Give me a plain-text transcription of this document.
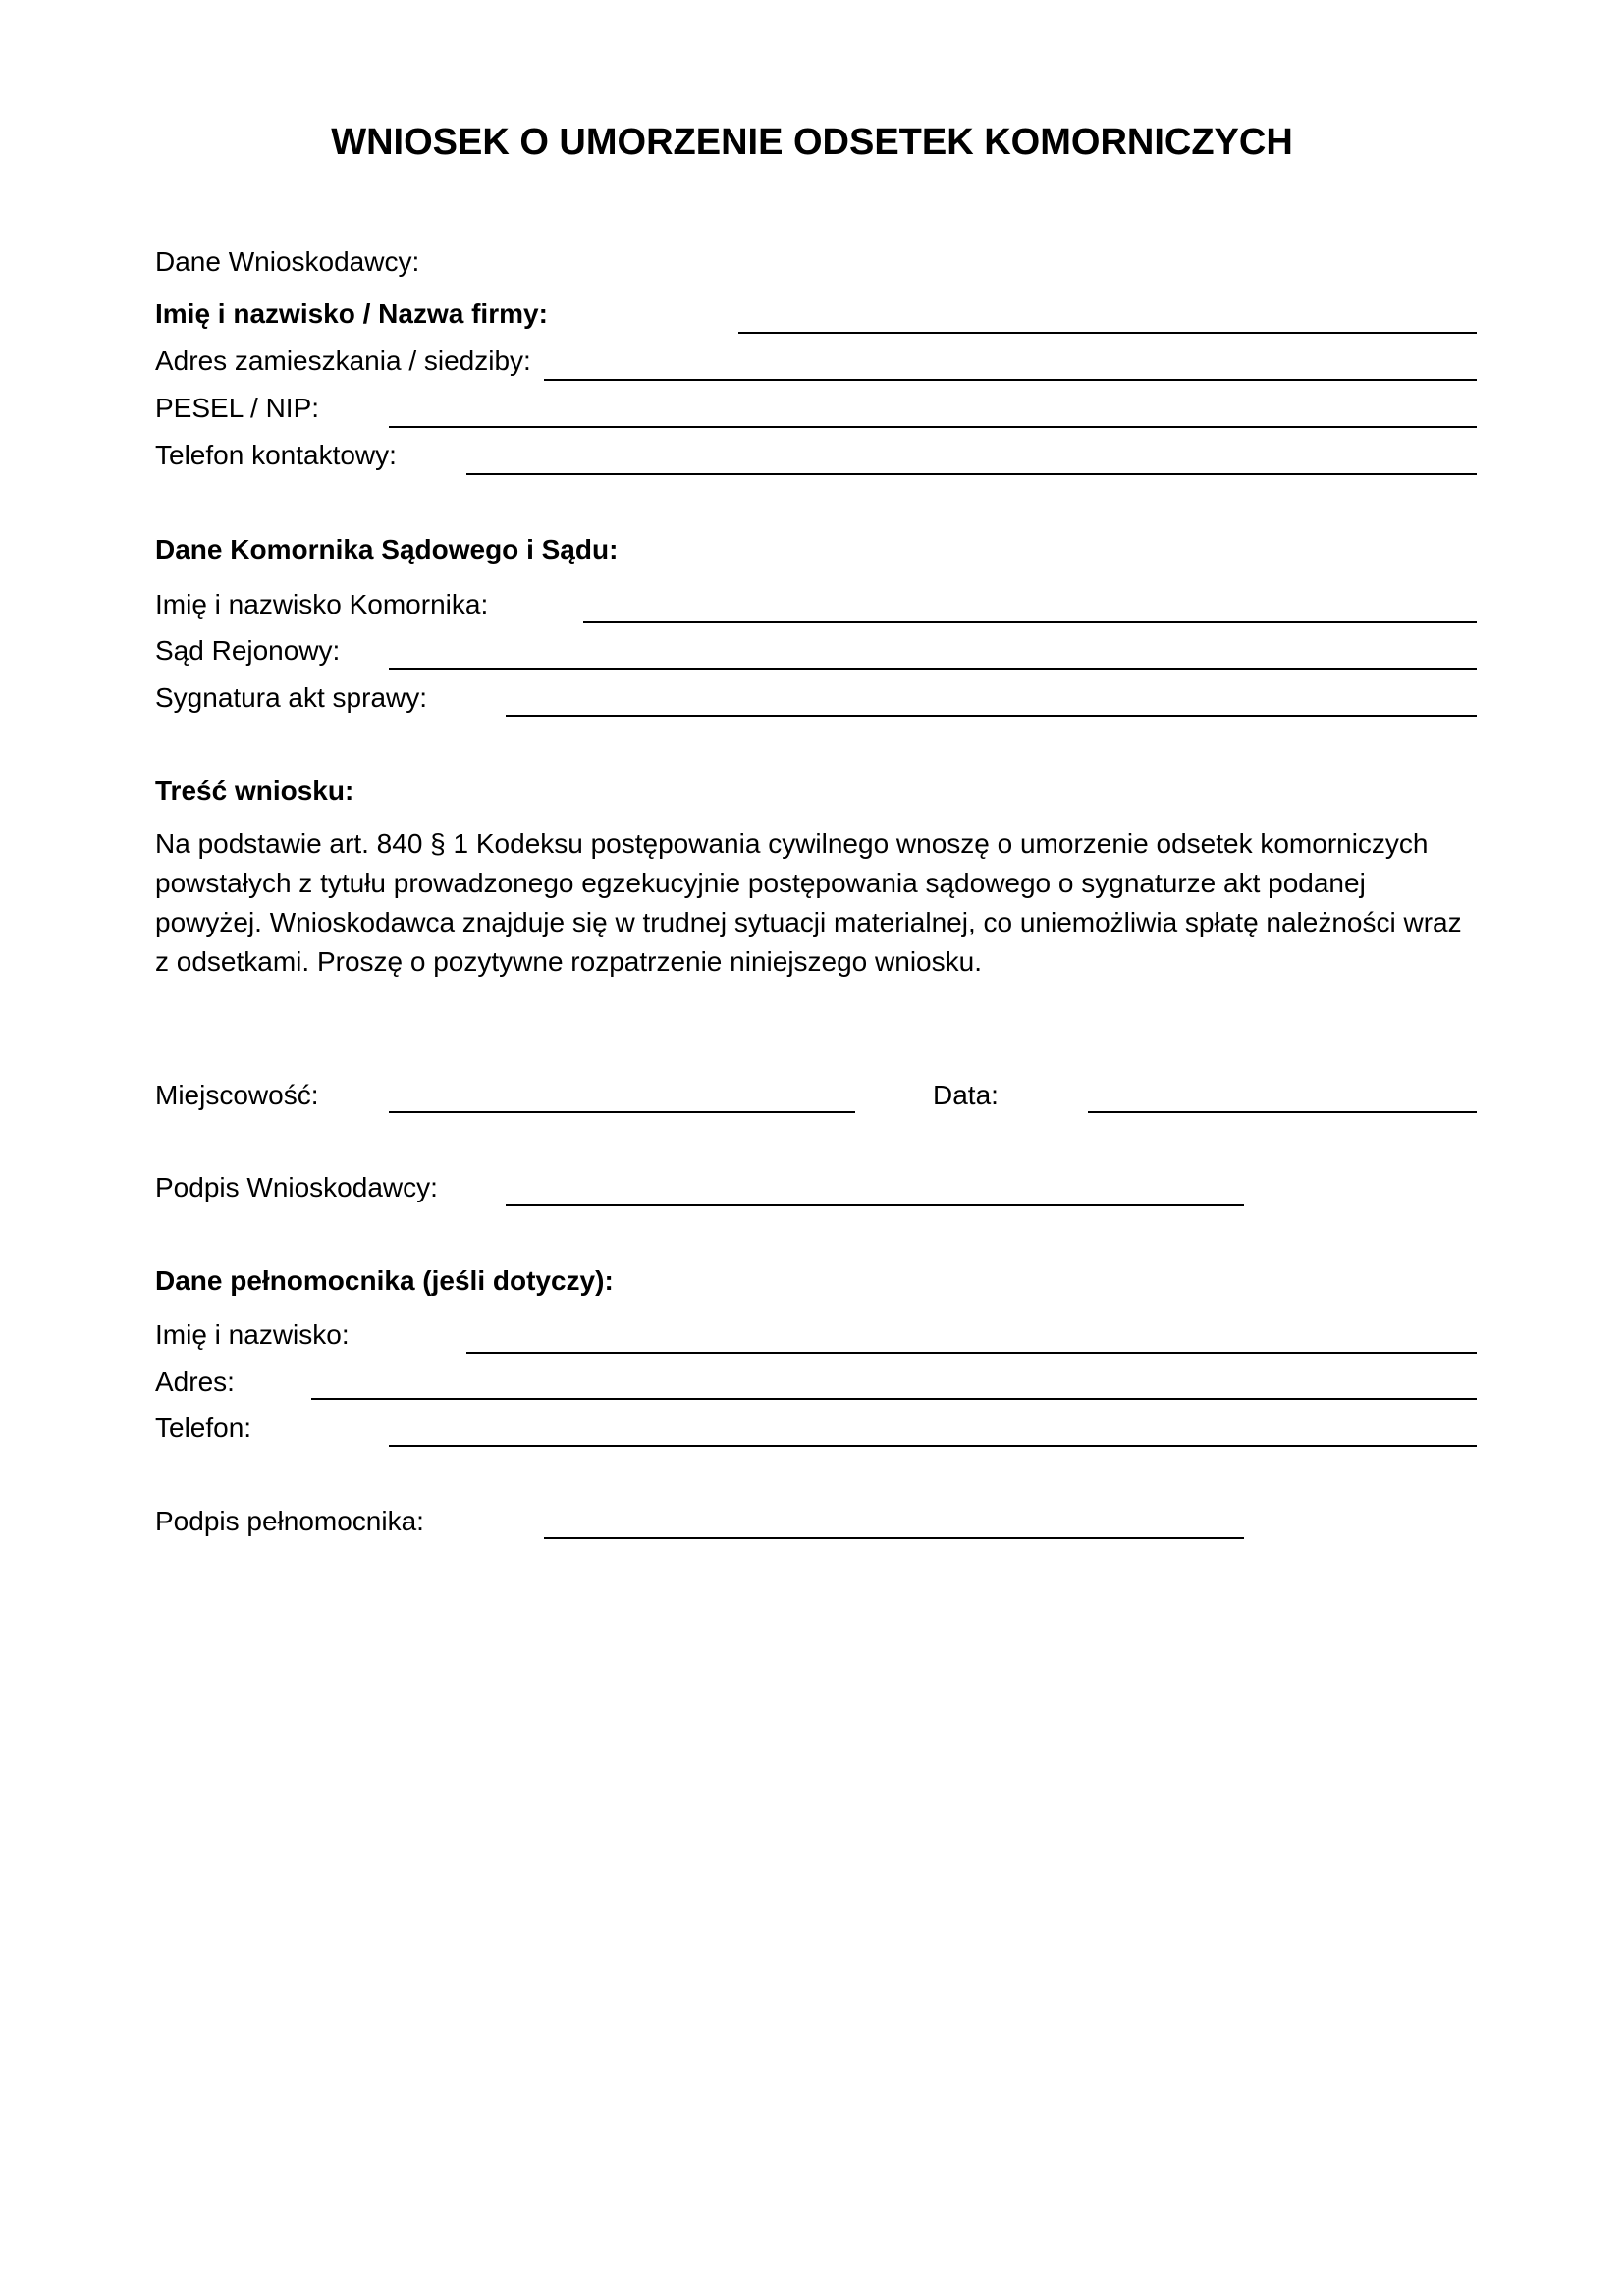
WNIOSEK O UMORZENIE ODSETEK KOMORNICZYCH
Dane Wnioskodawcy:
Imię i nazwisko / Nazwa firmy:
Adres zamieszkania / siedziby:
PESEL / NIP:
Telefon kontaktowy:
Dane Komornika Sądowego i Sądu:
Imię i nazwisko Komornika:
Sąd Rejonowy:
Sygnatura akt sprawy:
Treść wniosku:
Na podstawie art. 840 § 1 Kodeksu postępowania cywilnego wnoszę o umorzenie odsetek komorniczych
powstałych z tytułu prowadzonego egzekucyjnie postępowania sądowego o sygnaturze akt podanej
powyżej. Wnioskodawca znajduje się w trudnej sytuacji materialnej, co uniemożliwia spłatę należności wraz
z odsetkami. Proszę o pozytywne rozpatrzenie niniejszego wniosku.
Miejscowość:	Data:
Podpis Wnioskodawcy:
Dane pełnomocnika (jeśli dotyczy):
Imię i nazwisko:
Adres:
Telefon:
Podpis pełnomocnika:
